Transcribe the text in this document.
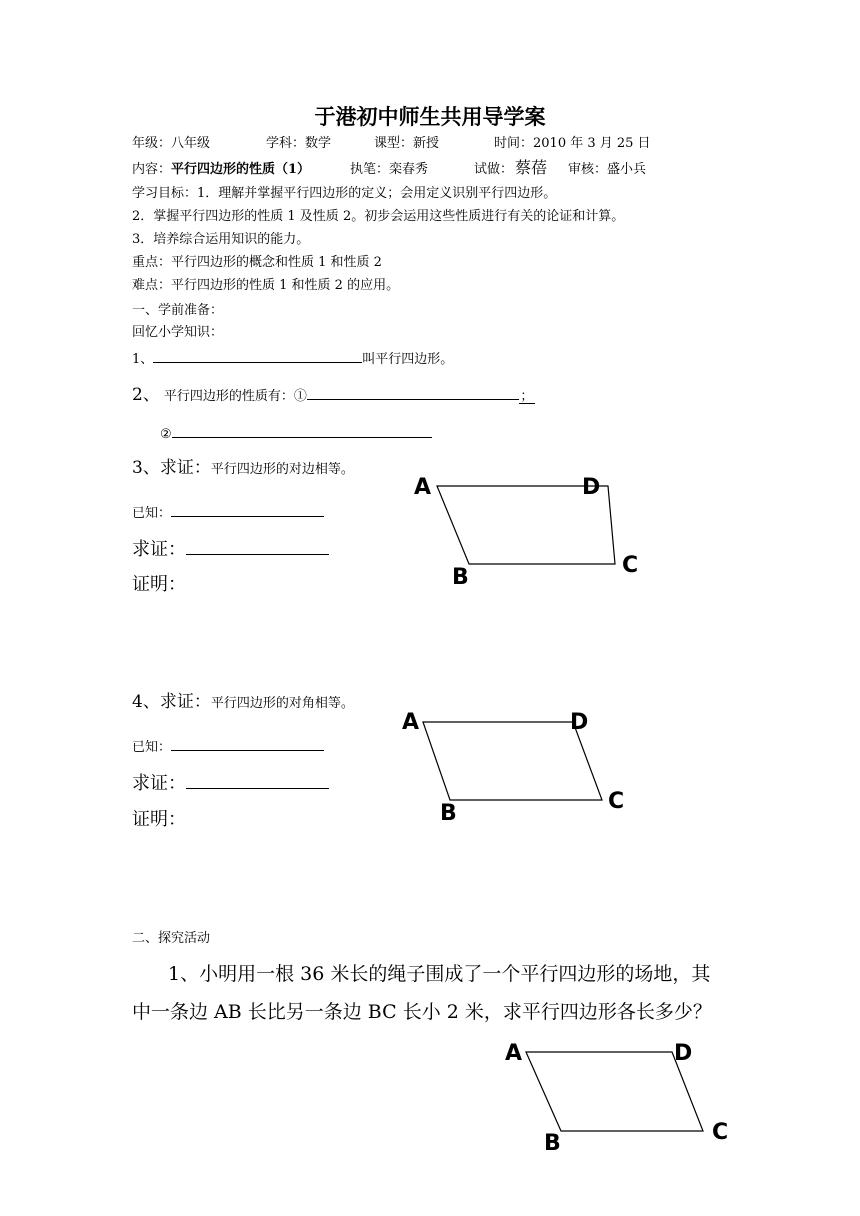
于港初中师生共用导学案
年级：八年级	学科：数学	课型：新授	时间：2010 年 3 月 25 日
内容： 平行四边形的性质（1）	执笔：栾春秀	试做： 蔡蓓 审核：盛小兵
学习目标：1．理解并掌握平行四边形的定义；会用定义识别平行四边形。
2．掌握平行四边形的性质 1 及性质 2。初步会运用这些性质进行有关的论证和计算。
3．培养综合运用知识的能力。
重点：平行四边形的概念和性质 1 和性质 2
难点：平行四边形的性质 1 和性质 2 的应用。
一、学前准备：
回忆小学知识：
1、	叫平行四边形。
2、 平行四边形的性质有：①	；
②
3、求证：平行四边形的对边相等。
已知：
求证：
证明：
A	D
C
B
4、求证：平行四边形的对角相等。
已知：
求证：
证明：
A	D
C
B
二、探究活动
1、小明用一根 36 米长的绳子围成了一个平行四边形的场地，其
中一条边 AB 长比另一条边 BC 长小 2 米，求平行四边形各长多少？
A	D
C
B
